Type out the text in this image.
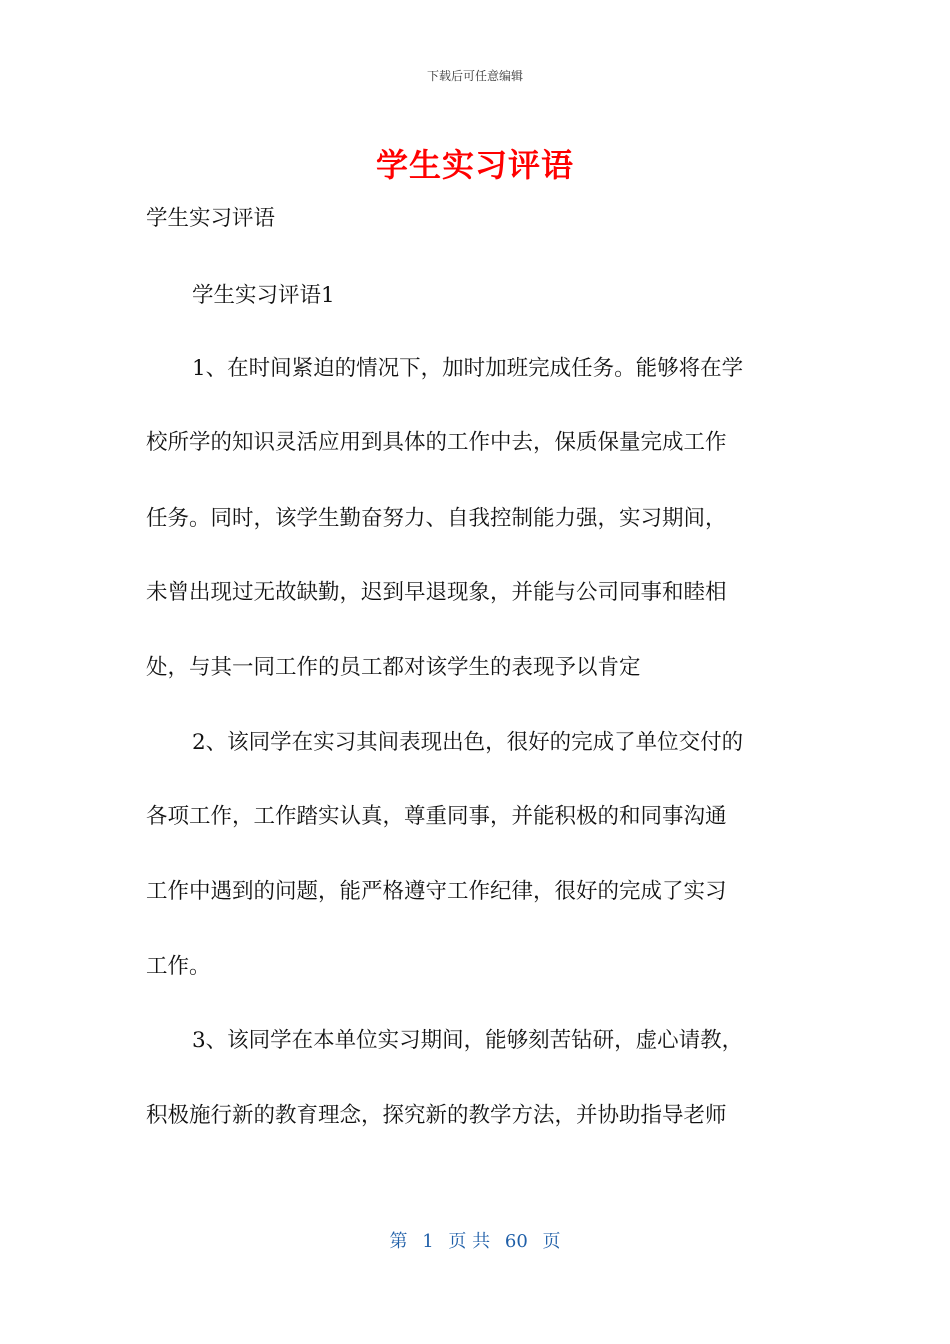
下载后可任意编辑
学生实习评语
学生实习评语
学生实习评语1
1、在时间紧迫的情况下，加时加班完成任务。能够将在学
校所学的知识灵活应用到具体的工作中去，保质保量完成工作
任务。同时，该学生勤奋努力、自我控制能力强，实习期间，
未曾出现过无故缺勤，迟到早退现象，并能与公司同事和睦相
处，与其一同工作的员工都对该学生的表现予以肯定
2、该同学在实习其间表现出色，很好的完成了单位交付的
各项工作，工作踏实认真，尊重同事，并能积极的和同事沟通
工作中遇到的问题，能严格遵守工作纪律，很好的完成了实习
工作。
3、该同学在本单位实习期间，能够刻苦钻研，虚心请教，
积极施行新的教育理念，探究新的教学方法，并协助指导老师
第 1 页 共 60 页
